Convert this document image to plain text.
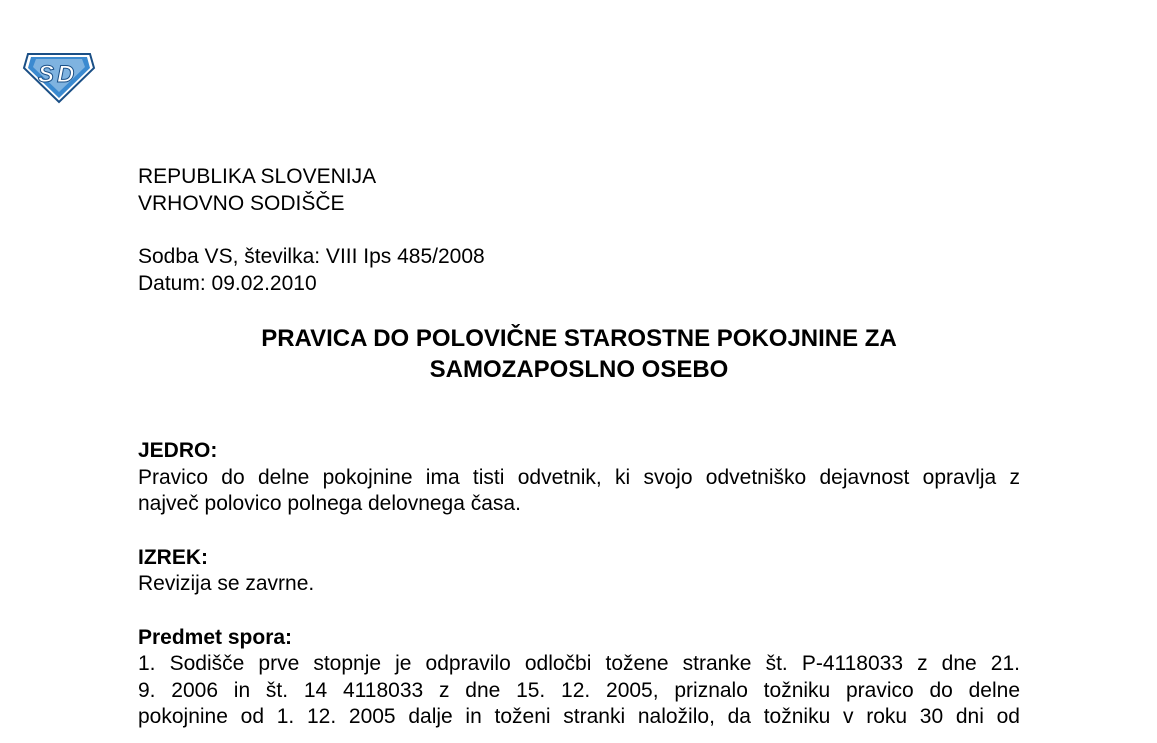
S D
REPUBLIKA SLOVENIJA
VRHOVNO SODIŠČE
Sodba VS, številka: VIII Ips 485/2008
Datum: 09.02.2010
PRAVICA DO POLOVIČNE STAROSTNE POKOJNINE ZA
SAMOZAPOSLNO OSEBO
JEDRO:
Pravico do delne pokojnine ima tisti odvetnik, ki svojo odvetniško dejavnost opravlja z
največ polovico polnega delovnega časa.
IZREK:
Revizija se zavrne.
Predmet spora:
1. Sodišče prve stopnje je odpravilo odločbi tožene stranke št. P-4118033 z dne 21.
9. 2006 in št. 14 4118033 z dne 15. 12. 2005, priznalo tožniku pravico do delne
pokojnine od 1. 12. 2005 dalje in toženi stranki naložilo, da tožniku v roku 30 dni od
